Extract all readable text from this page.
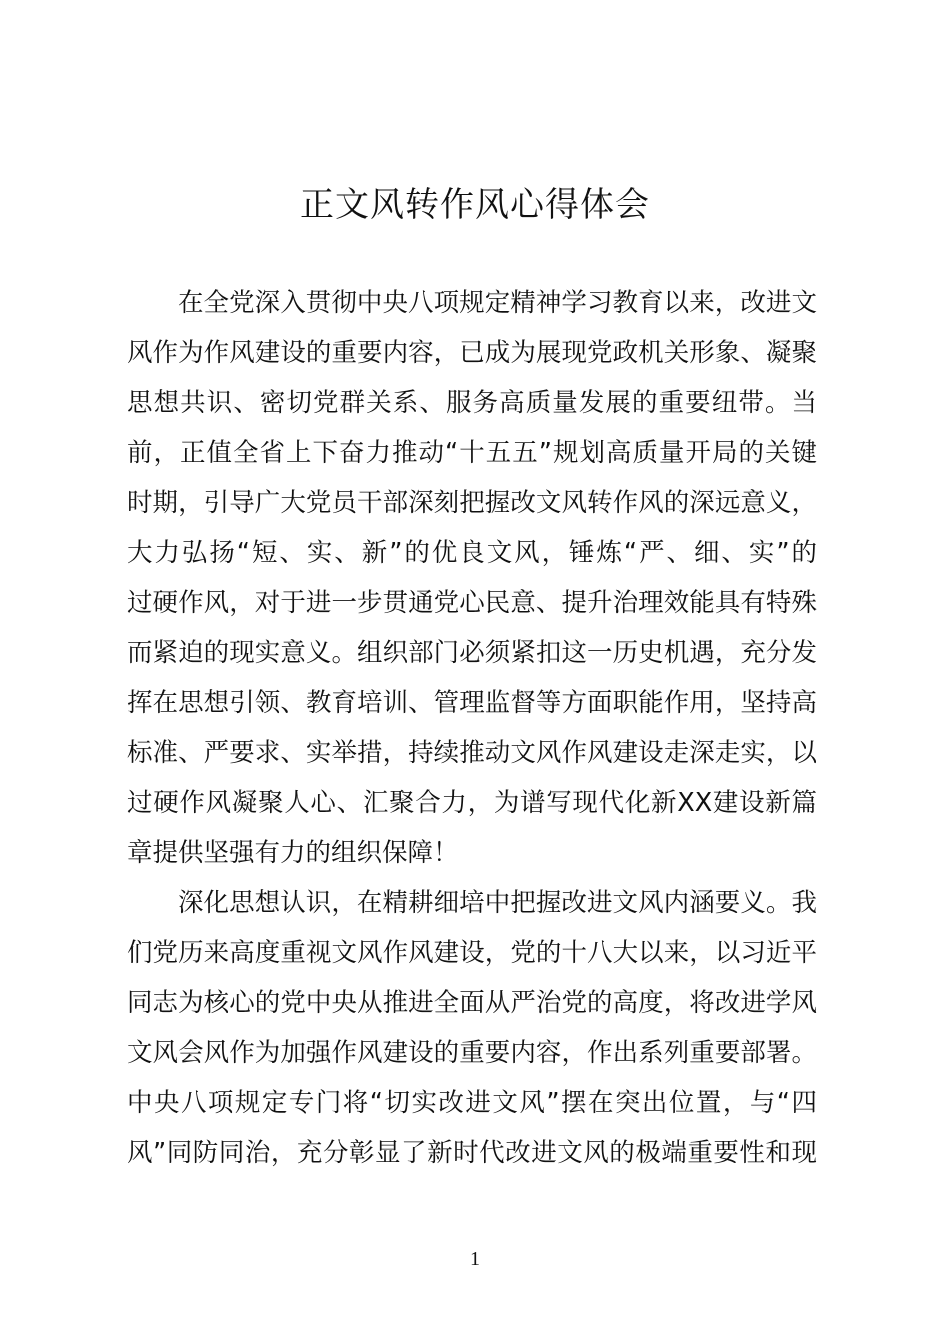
正文风转作风心得体会
在全党深入贯彻中央八项规定精神学习教育以来，改进文
风作为作风建设的重要内容，已成为展现党政机关形象、凝聚
思想共识、密切党群关系、服务高质量发展的重要纽带。当
前，正值全省上下奋力推动“十五五”规划高质量开局的关键
时期，引导广大党员干部深刻把握改文风转作风的深远意义，
大力弘扬“短、实、新”的优良文风，锤炼“严、细、实”的
过硬作风，对于进一步贯通党心民意、提升治理效能具有特殊
而紧迫的现实意义。组织部门必须紧扣这一历史机遇，充分发
挥在思想引领、教育培训、管理监督等方面职能作用，坚持高
标准、严要求、实举措，持续推动文风作风建设走深走实，以
过硬作风凝聚人心、汇聚合力，为谱写现代化新XX建设新篇
章提供坚强有力的组织保障！
深化思想认识，在精耕细培中把握改进文风内涵要义。我
们党历来高度重视文风作风建设，党的十八大以来，以习近平
同志为核心的党中央从推进全面从严治党的高度，将改进学风
文风会风作为加强作风建设的重要内容，作出系列重要部署。
中央八项规定专门将“切实改进文风”摆在突出位置，与“四
风”同防同治，充分彰显了新时代改进文风的极端重要性和现
1
